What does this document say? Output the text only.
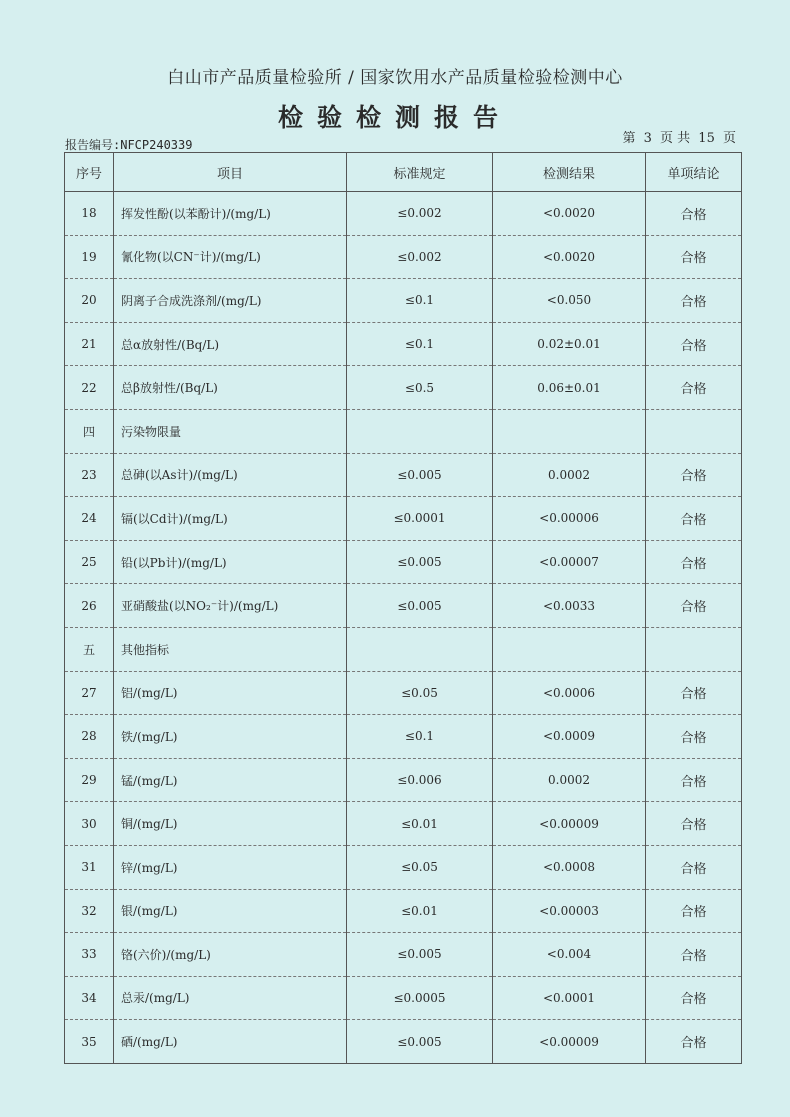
白山市产品质量检验所 / 国家饮用水产品质量检验检测中心
检验检测报告
报告编号:NFCP240339	第 3 页 共 15 页
序号	项目	标准规定	检测结果	单项结论
18	挥发性酚(以苯酚计)/(mg/L)	≤0.002	<0.0020	合格
19	氰化物(以CN⁻计)/(mg/L)	≤0.002	<0.0020	合格
20	阴离子合成洗涤剂/(mg/L)	≤0.1	<0.050	合格
21	总α放射性/(Bq/L)	≤0.1	0.02±0.01	合格
22	总β放射性/(Bq/L)	≤0.5	0.06±0.01	合格
四	污染物限量			
23	总砷(以As计)/(mg/L)	≤0.005	0.0002	合格
24	镉(以Cd计)/(mg/L)	≤0.0001	<0.00006	合格
25	铅(以Pb计)/(mg/L)	≤0.005	<0.00007	合格
26	亚硝酸盐(以NO₂⁻计)/(mg/L)	≤0.005	<0.0033	合格
五	其他指标			
27	铝/(mg/L)	≤0.05	<0.0006	合格
28	铁/(mg/L)	≤0.1	<0.0009	合格
29	锰/(mg/L)	≤0.006	0.0002	合格
30	铜/(mg/L)	≤0.01	<0.00009	合格
31	锌/(mg/L)	≤0.05	<0.0008	合格
32	银/(mg/L)	≤0.01	<0.00003	合格
33	铬(六价)/(mg/L)	≤0.005	<0.004	合格
34	总汞/(mg/L)	≤0.0005	<0.0001	合格
35	硒/(mg/L)	≤0.005	<0.00009	合格
